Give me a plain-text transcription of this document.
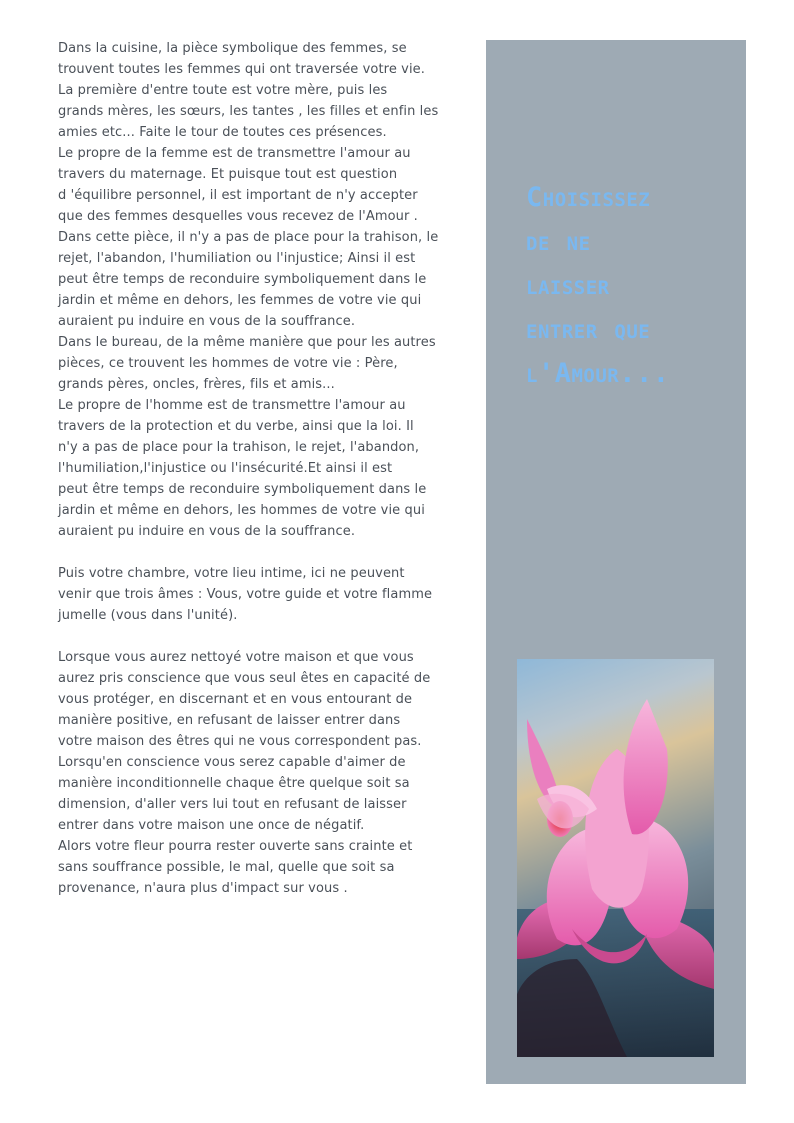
Dans la cuisine, la pièce symbolique des femmes, se
trouvent toutes les femmes qui ont traversée votre vie.
La première d'entre toute est votre mère, puis les
grands mères, les sœurs, les tantes , les filles et enfin les
amies etc... Faite le tour de toutes ces présences.
Le propre de la femme est de transmettre l'amour au
travers du maternage. Et puisque tout est question
d 'équilibre personnel, il est important de n'y accepter
que des femmes desquelles vous recevez de l'Amour .
Dans cette pièce, il n'y a pas de place pour la trahison, le
rejet, l'abandon, l'humiliation ou l'injustice; Ainsi il est
peut être temps de reconduire symboliquement dans le
jardin et même en dehors, les femmes de votre vie qui
auraient pu induire en vous de la souffrance.
Dans le bureau, de la même manière que pour les autres
pièces, ce trouvent les hommes de votre vie : Père,
grands pères, oncles, frères, fils et amis...
Le propre de l'homme est de transmettre l'amour au
travers de la protection et du verbe, ainsi que la loi. Il
n'y a pas de place pour la trahison, le rejet, l'abandon,
l'humiliation,l'injustice ou l'insécurité.Et ainsi il est
peut être temps de reconduire symboliquement dans le
jardin et même en dehors, les hommes de votre vie qui
auraient pu induire en vous de la souffrance.

Puis votre chambre, votre lieu intime, ici ne peuvent
venir que trois âmes : Vous, votre guide et votre flamme
jumelle (vous dans l'unité).

Lorsque vous aurez nettoyé votre maison et que vous
aurez pris conscience que vous seul êtes en capacité de
vous protéger, en discernant et en vous entourant de
manière positive, en refusant de laisser entrer dans
votre maison des êtres qui ne vous correspondent pas.
Lorsqu'en conscience vous serez capable d'aimer de
manière inconditionnelle chaque être quelque soit sa
dimension, d'aller vers lui tout en refusant de laisser
entrer dans votre maison une once de négatif.
Alors votre fleur pourra rester ouverte sans crainte et
sans souffrance possible, le mal, quelle que soit sa
provenance, n'aura plus d'impact sur vous .

Choisissez
de ne
laisser
entrer que
l'Amour...
